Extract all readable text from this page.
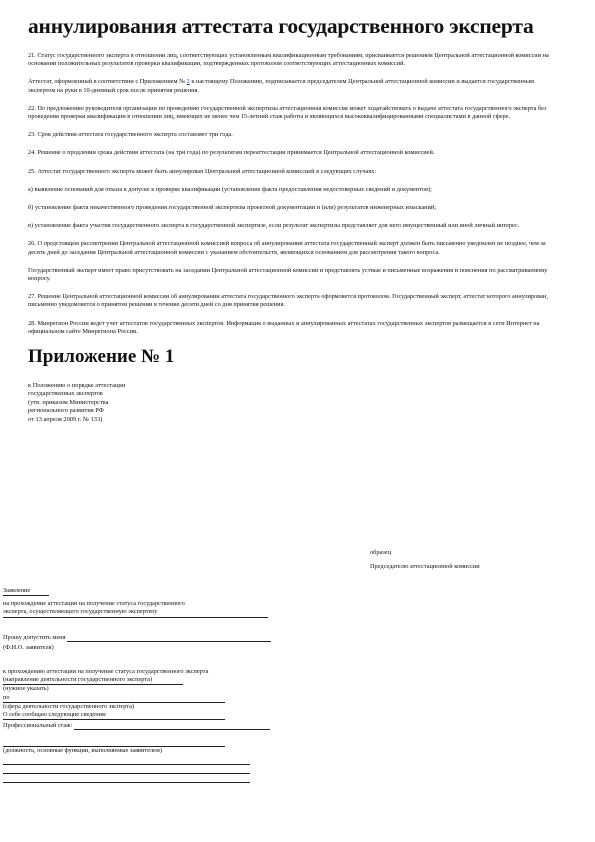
аннулирования аттестата государственного эксперта

21. Статус государственного эксперта в отношении лиц, соответствующих установленным квалификационным требованиям, присваивается решением Центральной аттестационной комиссии на основании положительных результатов проверки квалификации, подтвержденных протоколом соответствующих аттестационных комиссий.

Аттестат, оформленный в соответствии с Приложением № 2 к настоящему Положению, подписывается председателем Центральной аттестационной комиссии и выдается государственным экспертом на руки в 10-дневный срок после принятия решения.

22. По предложению руководителя организации по проведению государственной экспертизы аттестационная комиссия может ходатайствовать о выдаче аттестата государственного эксперта без проведения проверки квалификации в отношении лиц, имеющих не менее чем 15-летний стаж работы и являющихся высококвалифицированными специалистами в данной сфере.

23. Срок действия аттестата государственного эксперта составляет три года.

24. Решение о продлении срока действия аттестата (на три года) по результатам переаттестации принимается Центральной аттестационной комиссией.

25. Аттестат государственного эксперта может быть аннулирован Центральной аттестационной комиссией в следующих случаях:

а) выявление оснований для отказа в допуске к проверке квалификации (установление факта предоставления недостоверных сведений и документов);

б) установление факта некачественного проведения государственной экспертизы проектной документации и (или) результатов инженерных изысканий;

в) установление факта участия государственного эксперта в государственной экспертизе, если результат экспертизы представляет для него имущественный или иной личный интерес.

26. О предстоящем рассмотрении Центральной аттестационной комиссией вопроса об аннулировании аттестата государственный эксперт должен быть письменно уведомлен не позднее, чем за десять дней до заседания Центральной аттестационной комиссии с указанием обстоятельств, являющихся основанием для рассмотрения такого вопроса.

Государственный эксперт имеет право присутствовать на заседании Центральной аттестационной комиссии и представлять устные и письменные возражения и пояснения по рассматриваемому вопросу.

27. Решение Центральной аттестационной комиссии об аннулировании аттестата государственного эксперта оформляется протоколом. Государственный эксперт, аттестат которого аннулирован, письменно уведомляется о принятом решении в течение десяти дней со дня принятия решения.

28. Минрегион России ведет учет аттестатов государственных экспертов. Информация о выданных и аннулированных аттестатах государственных экспертов размещается в сети Интернет на официальном сайте Минрегиона России.

Приложение № 1
к Положению о порядке аттестации
государственных экспертов
(утв. приказом Министерства
регионального развития РФ
от 13 апреля 2009 г. № 133)
образец
Председателю аттестационной комиссии
Заявление
на прохождение аттестации на получение статуса государственного
эксперта, осуществляющего государственную экспертизу
Прошу допустить меня
(Ф.И.О. заявителя)
к прохождению аттестации на получение статуса государственного эксперта
(направление деятельности государственного эксперта)
(нужное указать)
по
(сфера деятельности государственного эксперта)
О себе сообщаю следующие сведения:
Профессиональный стаж:
(должность, основные функции, выполняемые заявителем)
